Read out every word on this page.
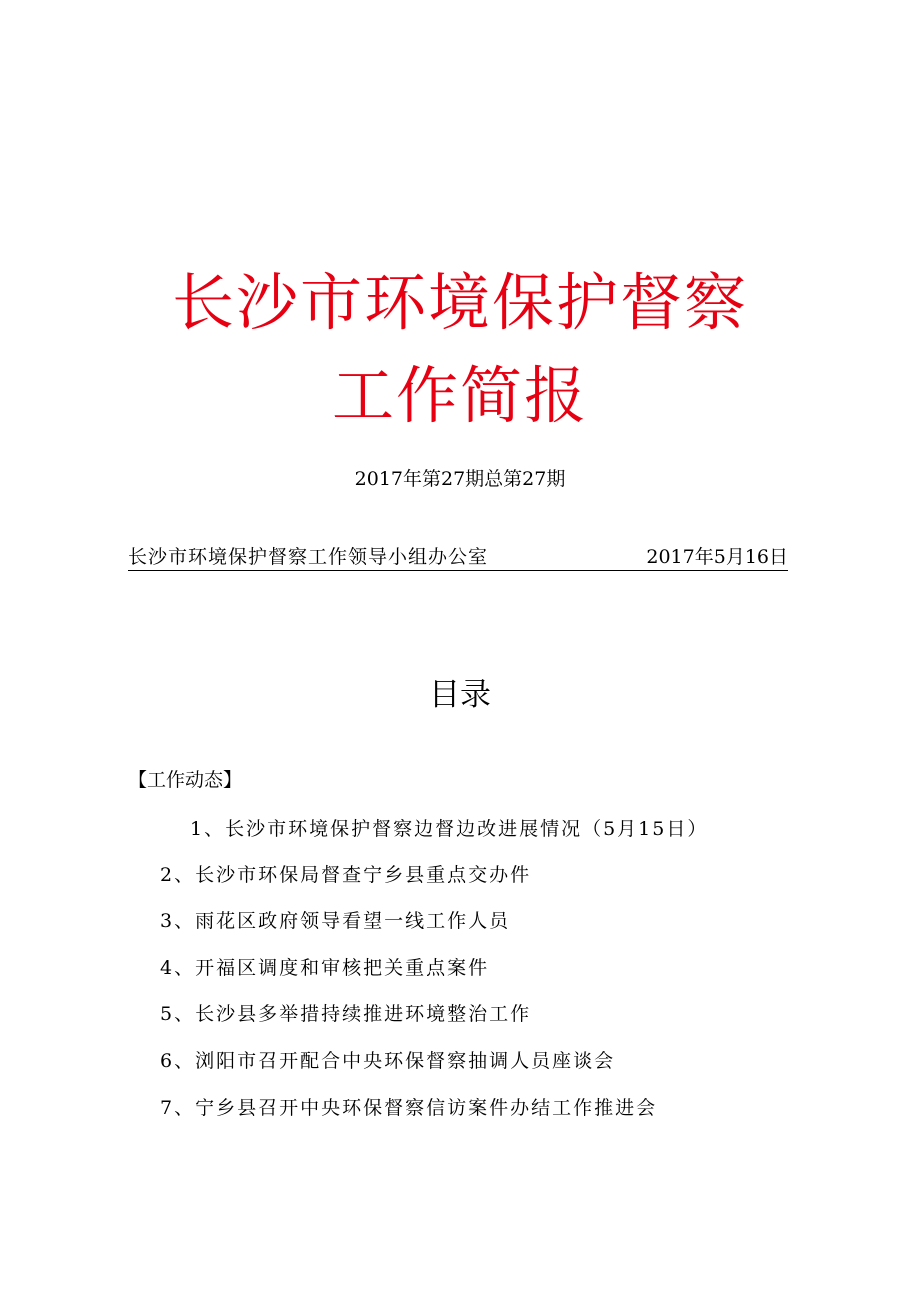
长沙市环境保护督察
工作简报
2017年第27期总第27期
长沙市环境保护督察工作领导小组办公室	2017年5月16日
目录
【工作动态】
1、长沙市环境保护督察边督边改进展情况（5月15日）
2、长沙市环保局督查宁乡县重点交办件
3、雨花区政府领导看望一线工作人员
4、开福区调度和审核把关重点案件
5、长沙县多举措持续推进环境整治工作
6、浏阳市召开配合中央环保督察抽调人员座谈会
7、宁乡县召开中央环保督察信访案件办结工作推进会
